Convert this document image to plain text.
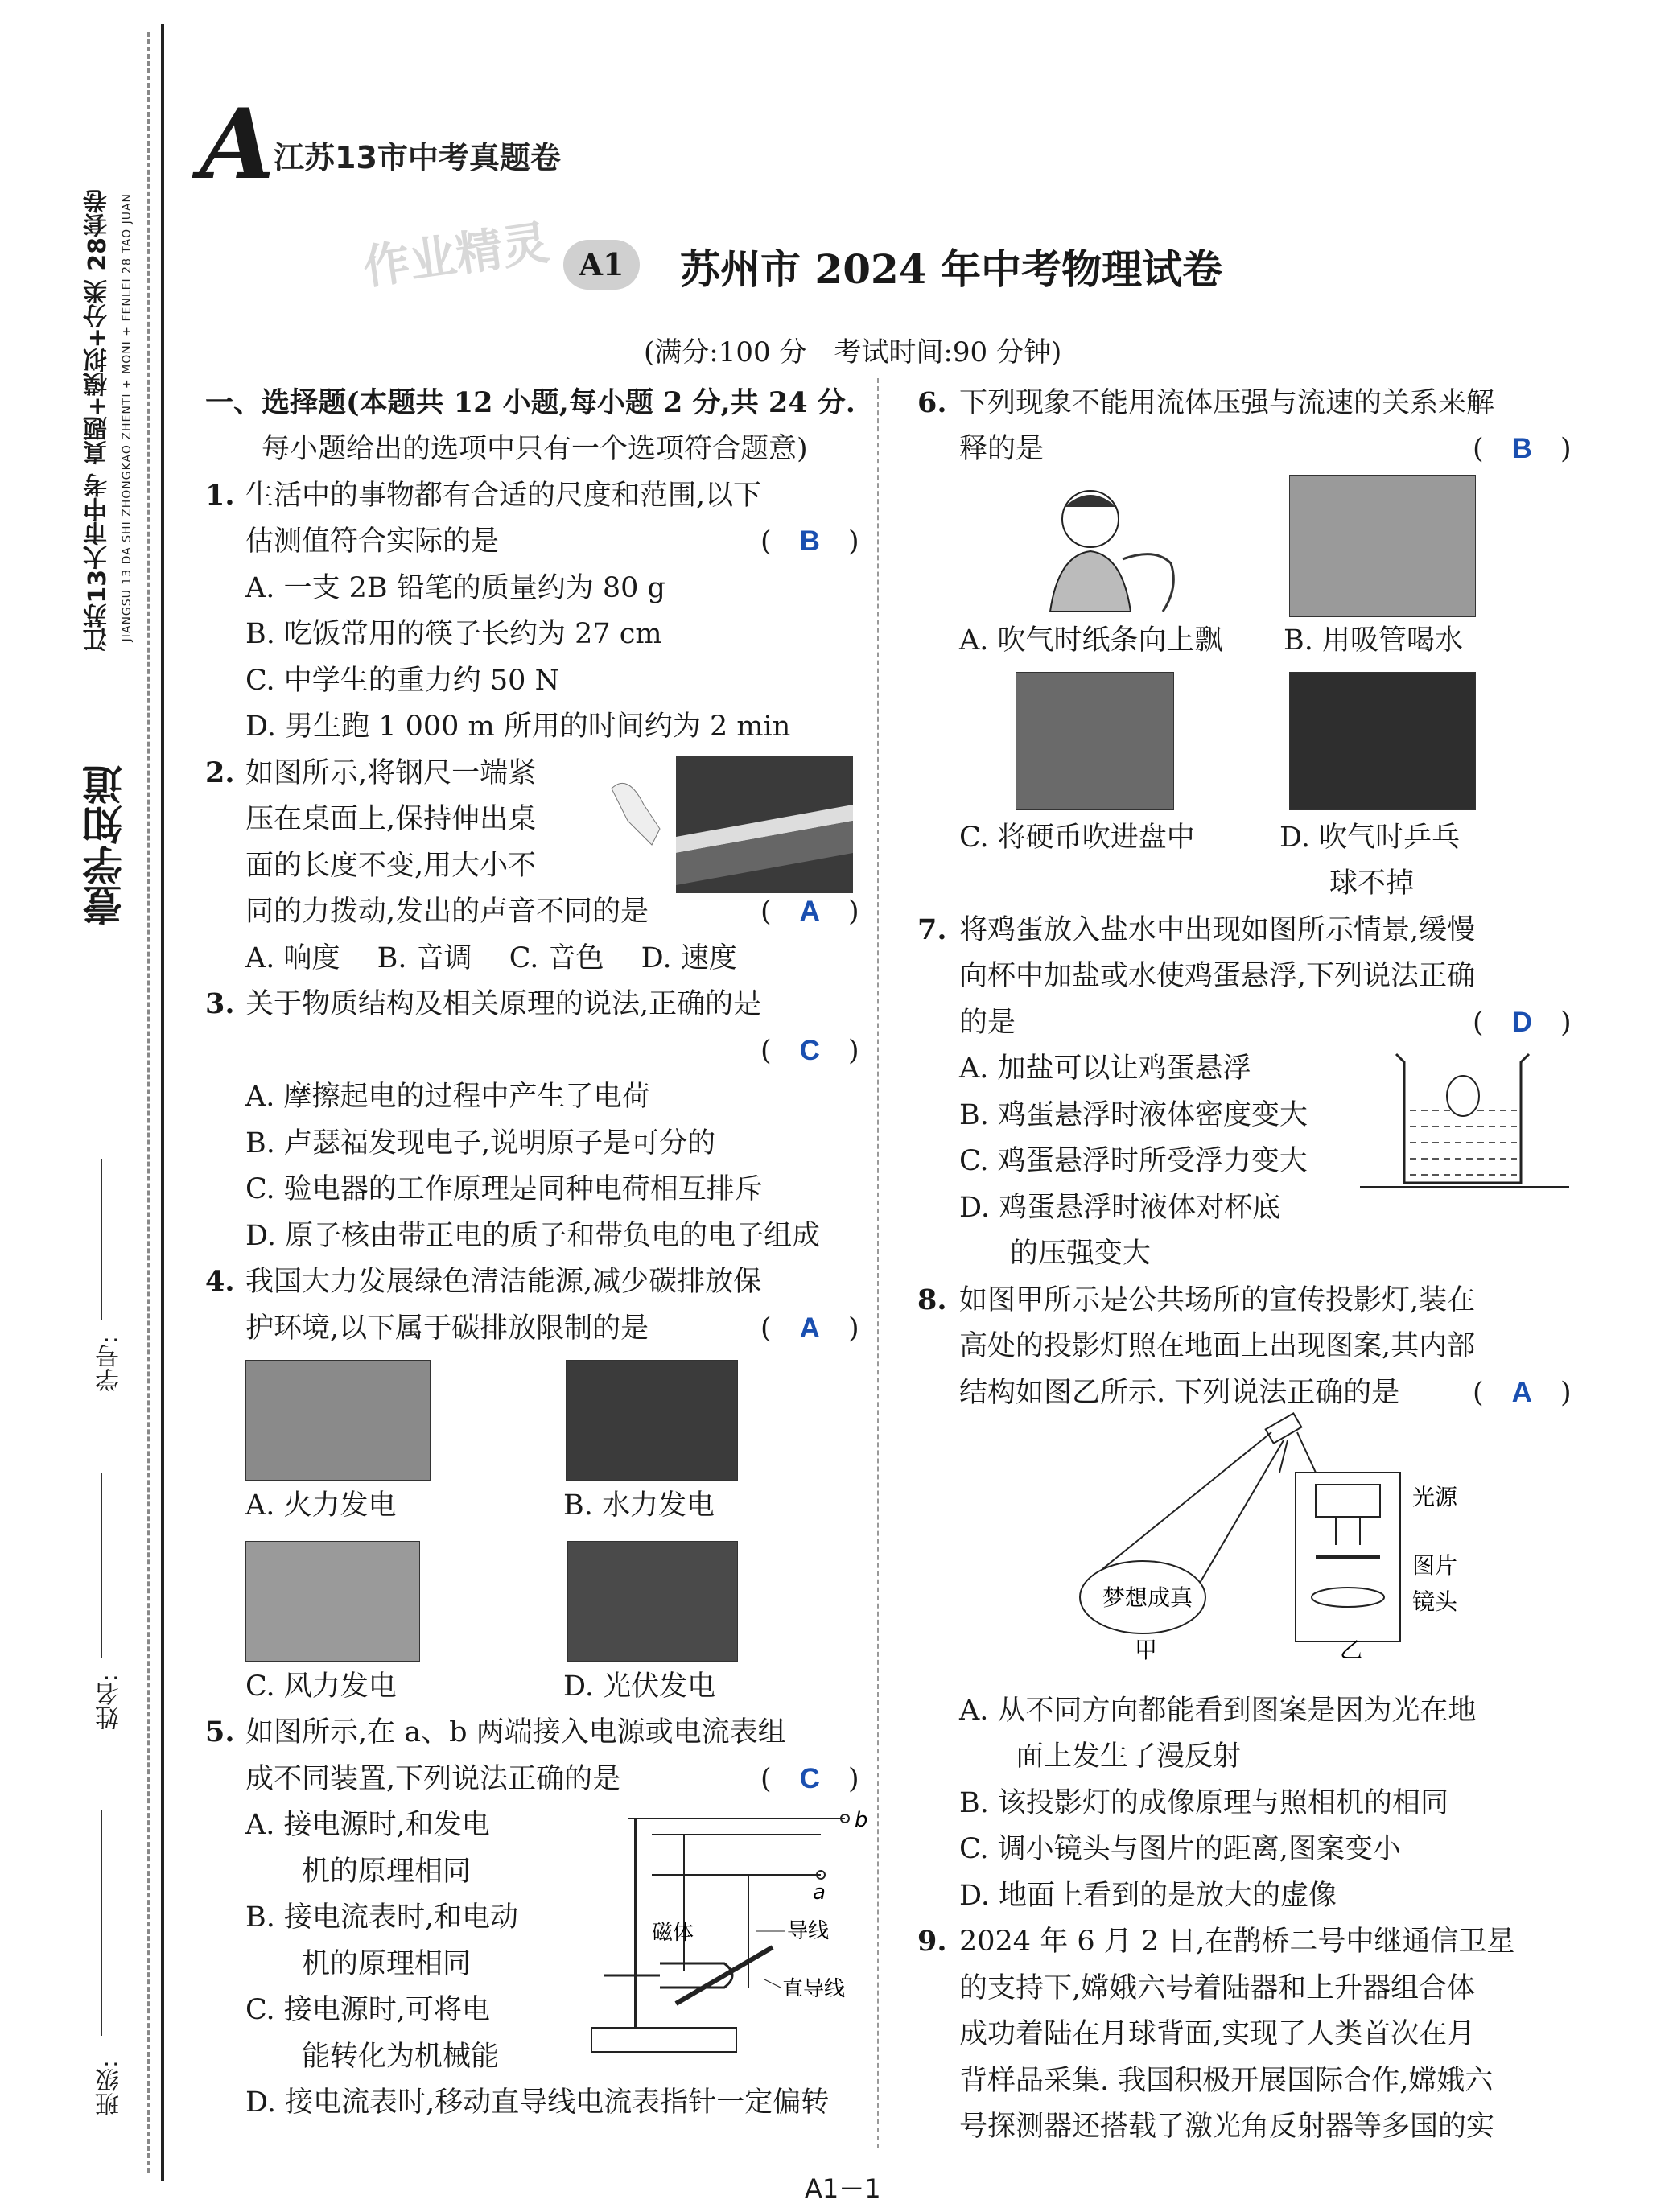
江苏13大市中考 真题+模拟+分类 28套卷 JIANGSU 13 DA SHI ZHONGKAO ZHENTI + MONI + FENLEI 28 TAO JUAN
壹学知道
学号:
姓名:
班级:
A
江苏13市中考真题卷
作业精灵 A1	苏州市 2024 年中考物理试卷
(满分:100 分　考试时间:90 分钟)
一、选择题(本题共 12 小题,每小题 2 分,共 24 分.
每小题给出的选项中只有一个选项符合题意)
1. 生活中的事物都有合适的尺度和范围,以下
估测值符合实际的是	(　B　)
A. 一支 2B 铅笔的质量约为 80 g
B. 吃饭常用的筷子长约为 27 cm
C. 中学生的重力约 50 N
D. 男生跑 1 000 m 所用的时间约为 2 min
2. 如图所示,将钢尺一端紧
压在桌面上,保持伸出桌
面的长度不变,用大小不
同的力拨动,发出的声音不同的是	(　A　)
A. 响度　 B. 音调　 C. 音色　 D. 速度
3. 关于物质结构及相关原理的说法,正确的是
(　C　)
A. 摩擦起电的过程中产生了电荷
B. 卢瑟福发现电子,说明原子是可分的
C. 验电器的工作原理是同种电荷相互排斥
D. 原子核由带正电的质子和带负电的电子组成
4. 我国大力发展绿色清洁能源,减少碳排放保
护环境,以下属于碳排放限制的是	(　A　)
A. 火力发电	B. 水力发电
C. 风力发电	D. 光伏发电
5. 如图所示,在 a、b 两端接入电源或电流表组
成不同装置,下列说法正确的是	(　C　)
A. 接电源时,和发电
机的原理相同
B. 接电流表时,和电动
机的原理相同
C. 接电源时,可将电
能转化为机械能
D. 接电流表时,移动直导线电流表指针一定偏转
b
a
磁体	导线
直导线
6. 下列现象不能用流体压强与流速的关系来解
释的是	(　B　)
A. 吹气时纸条向上飘 B. 用吸管喝水
C. 将硬币吹进盘中	D. 吹气时乒乓
球不掉
7. 将鸡蛋放入盐水中出现如图所示情景,缓慢
向杯中加盐或水使鸡蛋悬浮,下列说法正确
的是	(　D　)
A. 加盐可以让鸡蛋悬浮
B. 鸡蛋悬浮时液体密度变大
C. 鸡蛋悬浮时所受浮力变大
D. 鸡蛋悬浮时液体对杯底
的压强变大
8. 如图甲所示是公共场所的宣传投影灯,装在
高处的投影灯照在地面上出现图案,其内部
结构如图乙所示. 下列说法正确的是	(　A　)
梦想成真
光源
图片
镜头
甲	乙
A. 从不同方向都能看到图案是因为光在地
面上发生了漫反射
B. 该投影灯的成像原理与照相机的相同
C. 调小镜头与图片的距离,图案变小
D. 地面上看到的是放大的虚像
9. 2024 年 6 月 2 日,在鹊桥二号中继通信卫星
的支持下,嫦娥六号着陆器和上升器组合体
成功着陆在月球背面,实现了人类首次在月
背样品采集. 我国积极开展国际合作,嫦娥六
号探测器还搭载了激光角反射器等多国的实
A1－1
